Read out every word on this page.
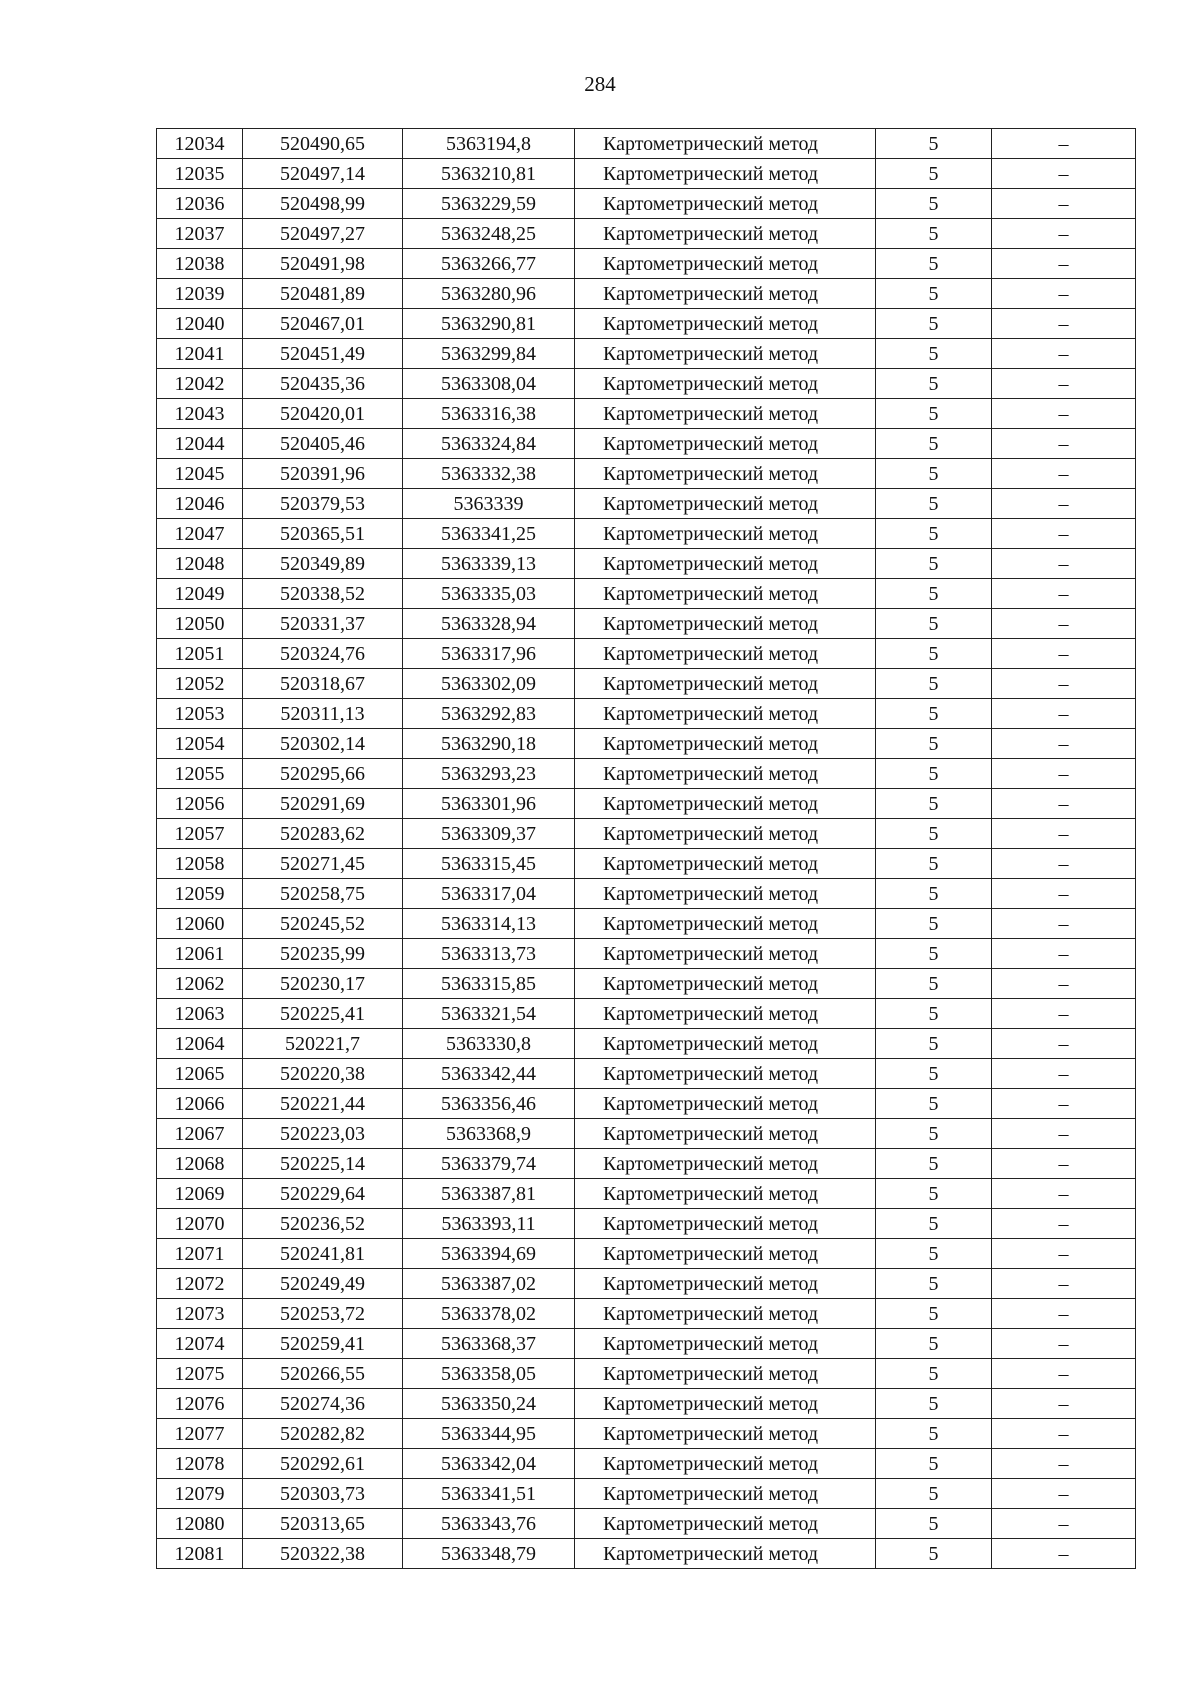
284
12034	520490,65	5363194,8	Картометрический метод	5	–
12035	520497,14	5363210,81	Картометрический метод	5	–
12036	520498,99	5363229,59	Картометрический метод	5	–
12037	520497,27	5363248,25	Картометрический метод	5	–
12038	520491,98	5363266,77	Картометрический метод	5	–
12039	520481,89	5363280,96	Картометрический метод	5	–
12040	520467,01	5363290,81	Картометрический метод	5	–
12041	520451,49	5363299,84	Картометрический метод	5	–
12042	520435,36	5363308,04	Картометрический метод	5	–
12043	520420,01	5363316,38	Картометрический метод	5	–
12044	520405,46	5363324,84	Картометрический метод	5	–
12045	520391,96	5363332,38	Картометрический метод	5	–
12046	520379,53	5363339	Картометрический метод	5	–
12047	520365,51	5363341,25	Картометрический метод	5	–
12048	520349,89	5363339,13	Картометрический метод	5	–
12049	520338,52	5363335,03	Картометрический метод	5	–
12050	520331,37	5363328,94	Картометрический метод	5	–
12051	520324,76	5363317,96	Картометрический метод	5	–
12052	520318,67	5363302,09	Картометрический метод	5	–
12053	520311,13	5363292,83	Картометрический метод	5	–
12054	520302,14	5363290,18	Картометрический метод	5	–
12055	520295,66	5363293,23	Картометрический метод	5	–
12056	520291,69	5363301,96	Картометрический метод	5	–
12057	520283,62	5363309,37	Картометрический метод	5	–
12058	520271,45	5363315,45	Картометрический метод	5	–
12059	520258,75	5363317,04	Картометрический метод	5	–
12060	520245,52	5363314,13	Картометрический метод	5	–
12061	520235,99	5363313,73	Картометрический метод	5	–
12062	520230,17	5363315,85	Картометрический метод	5	–
12063	520225,41	5363321,54	Картометрический метод	5	–
12064	520221,7	5363330,8	Картометрический метод	5	–
12065	520220,38	5363342,44	Картометрический метод	5	–
12066	520221,44	5363356,46	Картометрический метод	5	–
12067	520223,03	5363368,9	Картометрический метод	5	–
12068	520225,14	5363379,74	Картометрический метод	5	–
12069	520229,64	5363387,81	Картометрический метод	5	–
12070	520236,52	5363393,11	Картометрический метод	5	–
12071	520241,81	5363394,69	Картометрический метод	5	–
12072	520249,49	5363387,02	Картометрический метод	5	–
12073	520253,72	5363378,02	Картометрический метод	5	–
12074	520259,41	5363368,37	Картометрический метод	5	–
12075	520266,55	5363358,05	Картометрический метод	5	–
12076	520274,36	5363350,24	Картометрический метод	5	–
12077	520282,82	5363344,95	Картометрический метод	5	–
12078	520292,61	5363342,04	Картометрический метод	5	–
12079	520303,73	5363341,51	Картометрический метод	5	–
12080	520313,65	5363343,76	Картометрический метод	5	–
12081	520322,38	5363348,79	Картометрический метод	5	–
